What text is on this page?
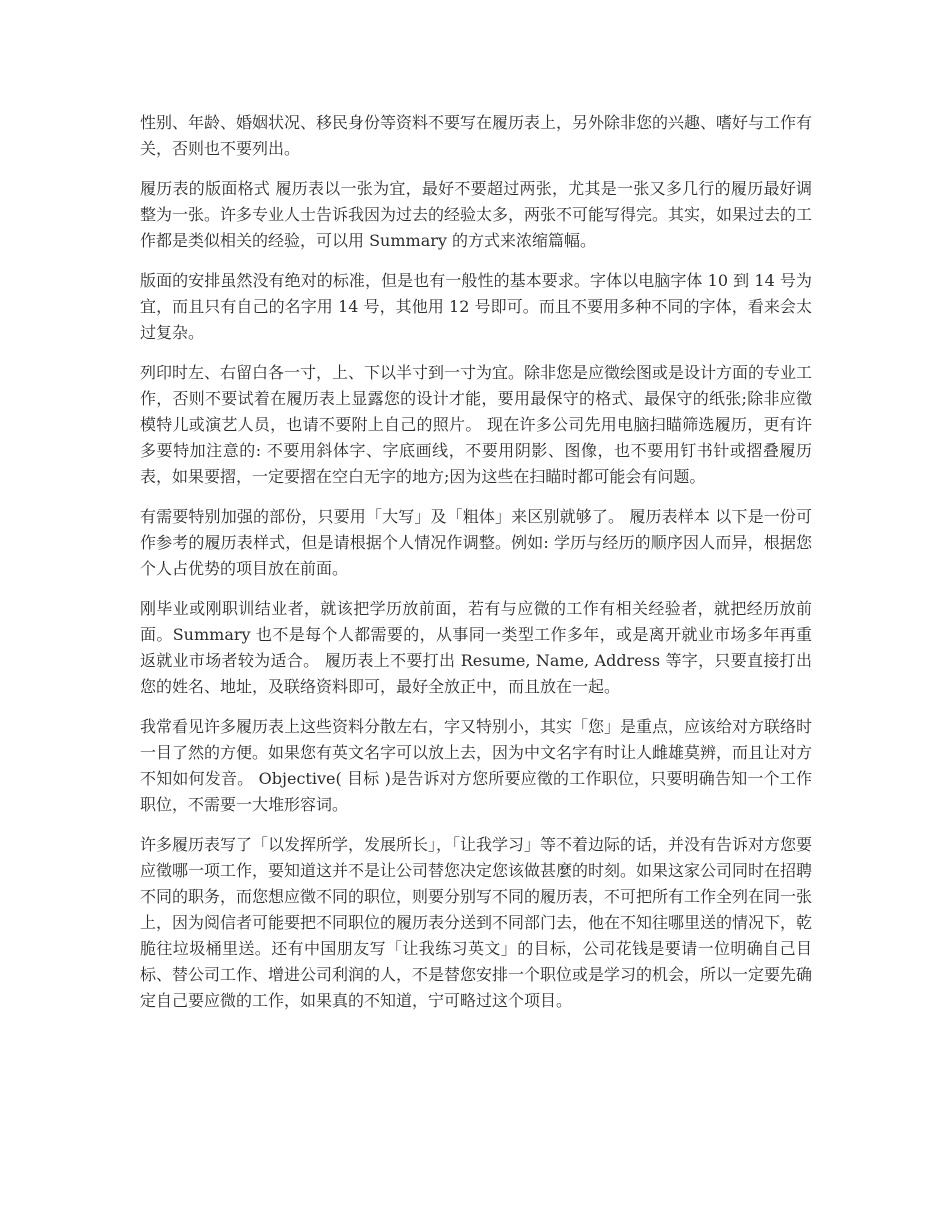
性别、年龄、婚姻状况、移民身份等资料不要写在履历表上，另外除非您的兴趣、嗜好与工作有关，否则也不要列出。

履历表的版面格式 履历表以一张为宜，最好不要超过两张，尤其是一张又多几行的履历最好调整为一张。许多专业人士告诉我因为过去的经验太多，两张不可能写得完。其实，如果过去的工作都是类似相关的经验，可以用 Summary 的方式来浓缩篇幅。

版面的安排虽然没有绝对的标准，但是也有一般性的基本要求。字体以电脑字体 10 到 14 号为宜，而且只有自己的名字用 14 号，其他用 12 号即可。而且不要用多种不同的字体，看来会太过复杂。

列印时左、右留白各一寸，上、下以半寸到一寸为宜。除非您是应徵绘图或是设计方面的专业工作，否则不要试着在履历表上显露您的设计才能，要用最保守的格式、最保守的纸张;除非应徵模特儿或演艺人员，也请不要附上自己的照片。 现在许多公司先用电脑扫瞄筛选履历，更有许多要特加注意的: 不要用斜体字、字底画线，不要用阴影、图像，也不要用钉书针或摺叠履历表，如果要摺，一定要摺在空白无字的地方;因为这些在扫瞄时都可能会有问题。

有需要特别加强的部份，只要用「大写」及「粗体」来区别就够了。 履历表样本 以下是一份可作参考的履历表样式，但是请根据个人情况作调整。例如: 学历与经历的顺序因人而异，根据您个人占优势的项目放在前面。

刚毕业或刚职训结业者，就该把学历放前面，若有与应微的工作有相关经验者，就把经历放前面。Summary 也不是每个人都需要的，从事同一类型工作多年，或是离开就业市场多年再重返就业市场者较为适合。 履历表上不要打出 Resume, Name, Address 等字，只要直接打出您的姓名、地址，及联络资料即可，最好全放正中，而且放在一起。

我常看见许多履历表上这些资料分散左右，字又特别小，其实「您」是重点，应该给对方联络时一目了然的方便。如果您有英文名字可以放上去，因为中文名字有时让人雌雄莫辨，而且让对方不知如何发音。 Objective( 目标 )是告诉对方您所要应徵的工作职位，只要明确告知一个工作职位，不需要一大堆形容词。

许多履历表写了「以发挥所学，发展所长」，「让我学习」等不着边际的话，并没有告诉对方您要应徵哪一项工作，要知道这并不是让公司替您决定您该做甚麼的时刻。如果这家公司同时在招聘不同的职务，而您想应徵不同的职位，则要分别写不同的履历表，不可把所有工作全列在同一张上，因为阅信者可能要把不同职位的履历表分送到不同部门去，他在不知往哪里送的情况下，乾脆往垃圾桶里送。还有中国朋友写「让我练习英文」的目标，公司花钱是要请一位明确自己目标、替公司工作、增进公司利润的人，不是替您安排一个职位或是学习的机会，所以一定要先确定自己要应微的工作，如果真的不知道，宁可略过这个项目。
